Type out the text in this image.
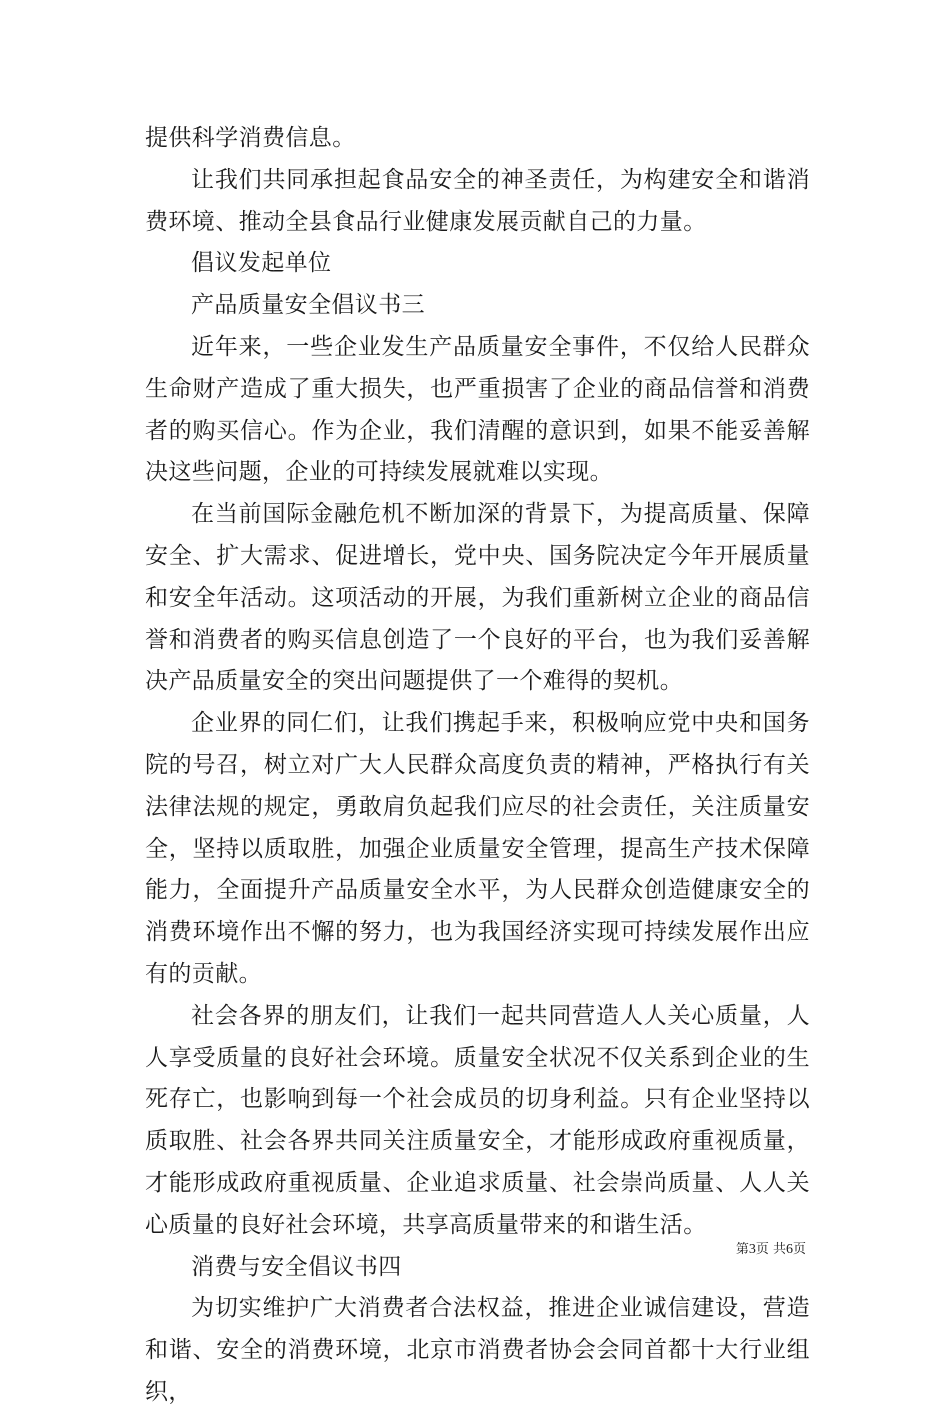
提供科学消费信息。

让我们共同承担起食品安全的神圣责任，为构建安全和谐消费环境、推动全县食品行业健康发展贡献自己的力量。

倡议发起单位

产品质量安全倡议书三

近年来，一些企业发生产品质量安全事件，不仅给人民群众生命财产造成了重大损失，也严重损害了企业的商品信誉和消费者的购买信心。作为企业，我们清醒的意识到，如果不能妥善解决这些问题，企业的可持续发展就难以实现。

在当前国际金融危机不断加深的背景下，为提高质量、保障安全、扩大需求、促进增长，党中央、国务院决定今年开展质量和安全年活动。这项活动的开展，为我们重新树立企业的商品信誉和消费者的购买信息创造了一个良好的平台，也为我们妥善解决产品质量安全的突出问题提供了一个难得的契机。

企业界的同仁们，让我们携起手来，积极响应党中央和国务院的号召，树立对广大人民群众高度负责的精神，严格执行有关法律法规的规定，勇敢肩负起我们应尽的社会责任，关注质量安全，坚持以质取胜，加强企业质量安全管理，提高生产技术保障能力，全面提升产品质量安全水平，为人民群众创造健康安全的消费环境作出不懈的努力，也为我国经济实现可持续发展作出应有的贡献。

社会各界的朋友们，让我们一起共同营造人人关心质量，人人享受质量的良好社会环境。质量安全状况不仅关系到企业的生死存亡，也影响到每一个社会成员的切身利益。只有企业坚持以质取胜、社会各界共同关注质量安全，才能形成政府重视质量，才能形成政府重视质量、企业追求质量、社会崇尚质量、人人关心质量的良好社会环境，共享高质量带来的和谐生活。

消费与安全倡议书四

为切实维护广大消费者合法权益，推进企业诚信建设，营造和谐、安全的消费环境，北京市消费者协会会同首都十大行业组织，

第3页 共6页
